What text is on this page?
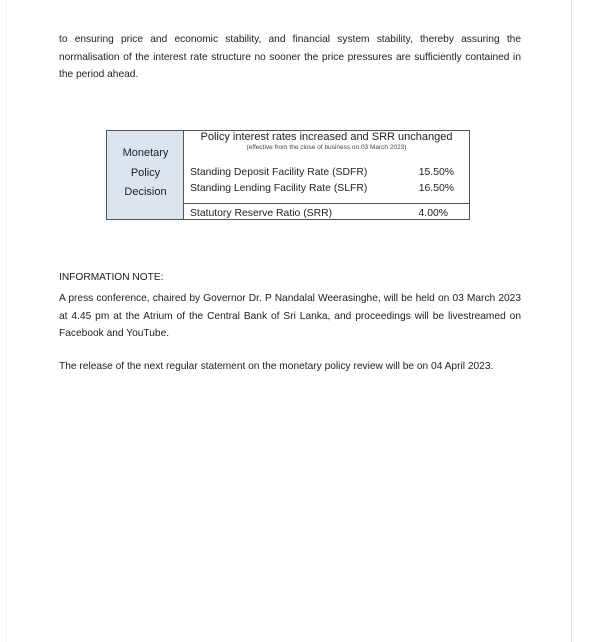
to ensuring price and economic stability, and financial system stability, thereby assuring the normalisation of the interest rate structure no sooner the price pressures are sufficiently contained in the period ahead.

Monetary
Policy
Decision
Policy interest rates increased and SRR unchanged
(effective from the close of business on 03 March 2023)
Standing Deposit Facility Rate (SDFR)	15.50%
Standing Lending Facility Rate (SLFR)	16.50%
Statutory Reserve Ratio (SRR)	4.00%

INFORMATION NOTE:

A press conference, chaired by Governor Dr. P Nandalal Weerasinghe, will be held on 03 March 2023 at 4.45 pm at the Atrium of the Central Bank of Sri Lanka, and proceedings will be livestreamed on Facebook and YouTube.

The release of the next regular statement on the monetary policy review will be on 04 April 2023.
